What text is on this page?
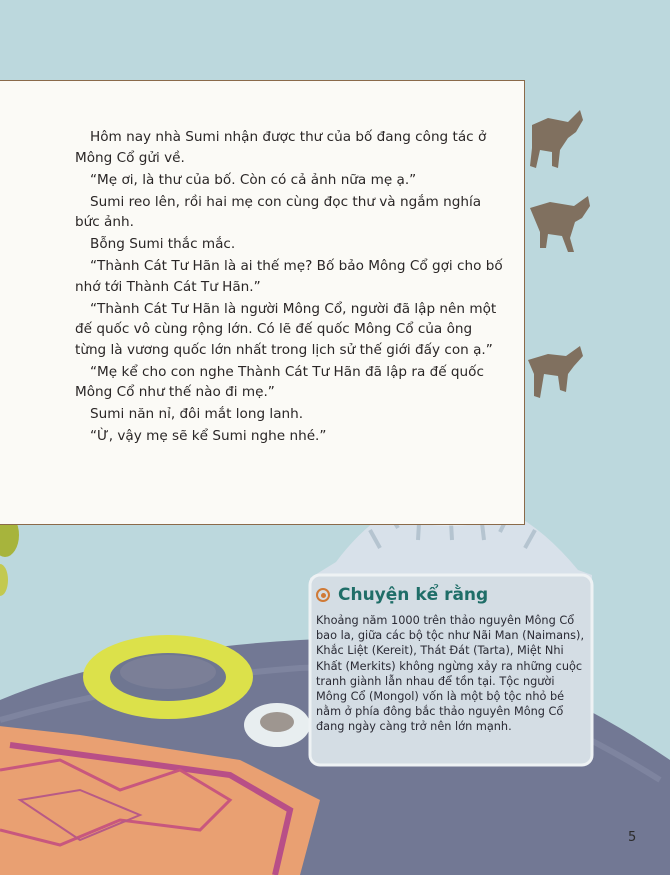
Hôm nay nhà Sumi nhận được thư của bố đang công tác ở Mông Cổ gửi về.

“Mẹ ơi, là thư của bố. Còn có cả ảnh nữa mẹ ạ.”

Sumi reo lên, rồi hai mẹ con cùng đọc thư và ngắm nghía bức ảnh.

Bỗng Sumi thắc mắc.

“Thành Cát Tư Hãn là ai thế mẹ? Bố bảo Mông Cổ gợi cho bố nhớ tới Thành Cát Tư Hãn.”

“Thành Cát Tư Hãn là người Mông Cổ, người đã lập nên một đế quốc vô cùng rộng lớn. Có lẽ đế quốc Mông Cổ của ông từng là vương quốc lớn nhất trong lịch sử thế giới đấy con ạ.”

“Mẹ kể cho con nghe Thành Cát Tư Hãn đã lập ra đế quốc Mông Cổ như thế nào đi mẹ.”

Sumi năn nỉ, đôi mắt long lanh.

“Ừ, vậy mẹ sẽ kể Sumi nghe nhé.”

Chuyện kể rằng
Khoảng năm 1000 trên thảo nguyên Mông Cổ bao la, giữa các bộ tộc như Nãi Man (Naimans), Khắc Liệt (Kereit), Thát Đát (Tarta), Miệt Nhi Khất (Merkits) không ngừng xảy ra những cuộc tranh giành lẫn nhau để tồn tại. Tộc người Mông Cổ (Mongol) vốn là một bộ tộc nhỏ bé nằm ở phía đông bắc thảo nguyên Mông Cổ đang ngày càng trở nên lớn mạnh.
5
